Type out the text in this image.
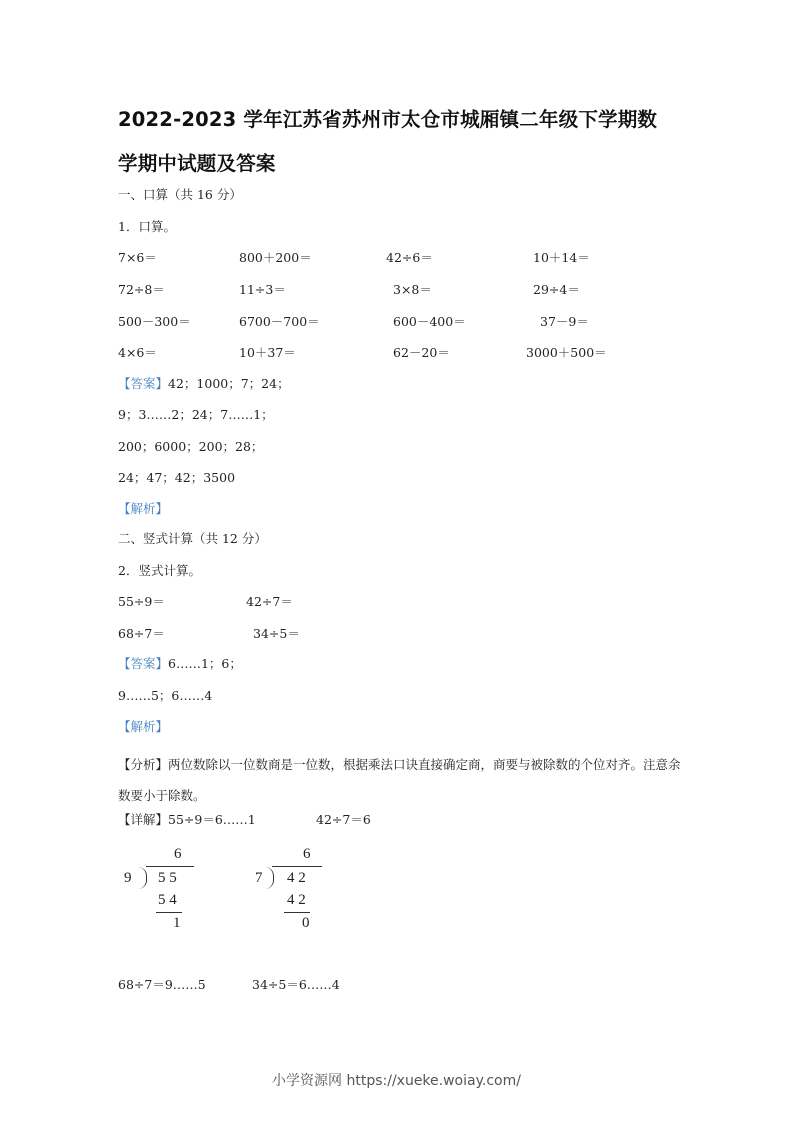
2022-2023 学年江苏省苏州市太仓市城厢镇二年级下学期数
学期中试题及答案
一、口算（共 16 分）
1．口算。
7×6＝	800＋200＝	42÷6＝	10＋14＝
72÷8＝	11÷3＝	3×8＝	29÷4＝
500－300＝	6700－700＝	600－400＝	37－9＝
4×6＝	10＋37＝	62－20＝	3000＋500＝
【答案】42；1000；7；24；
9；3……2；24；7……1；
200；6000；200；28；
24；47；42；3500
【解析】
二、竖式计算（共 12 分）
2．竖式计算。
55÷9＝	42÷7＝
68÷7＝	34÷5＝
【答案】6……1；6；
9……5；6……4
【解析】
【分析】两位数除以一位数商是一位数，根据乘法口诀直接确定商，商要与被除数的个位对齐。注意余数要小于除数。
【详解】55÷9＝6……1	42÷7＝6
6
9 5 5
5 4
1
6
7 4 2
4 2
0
68÷7＝9……5	34÷5＝6……4
小学资源网 https://xueke.woiay.com/
